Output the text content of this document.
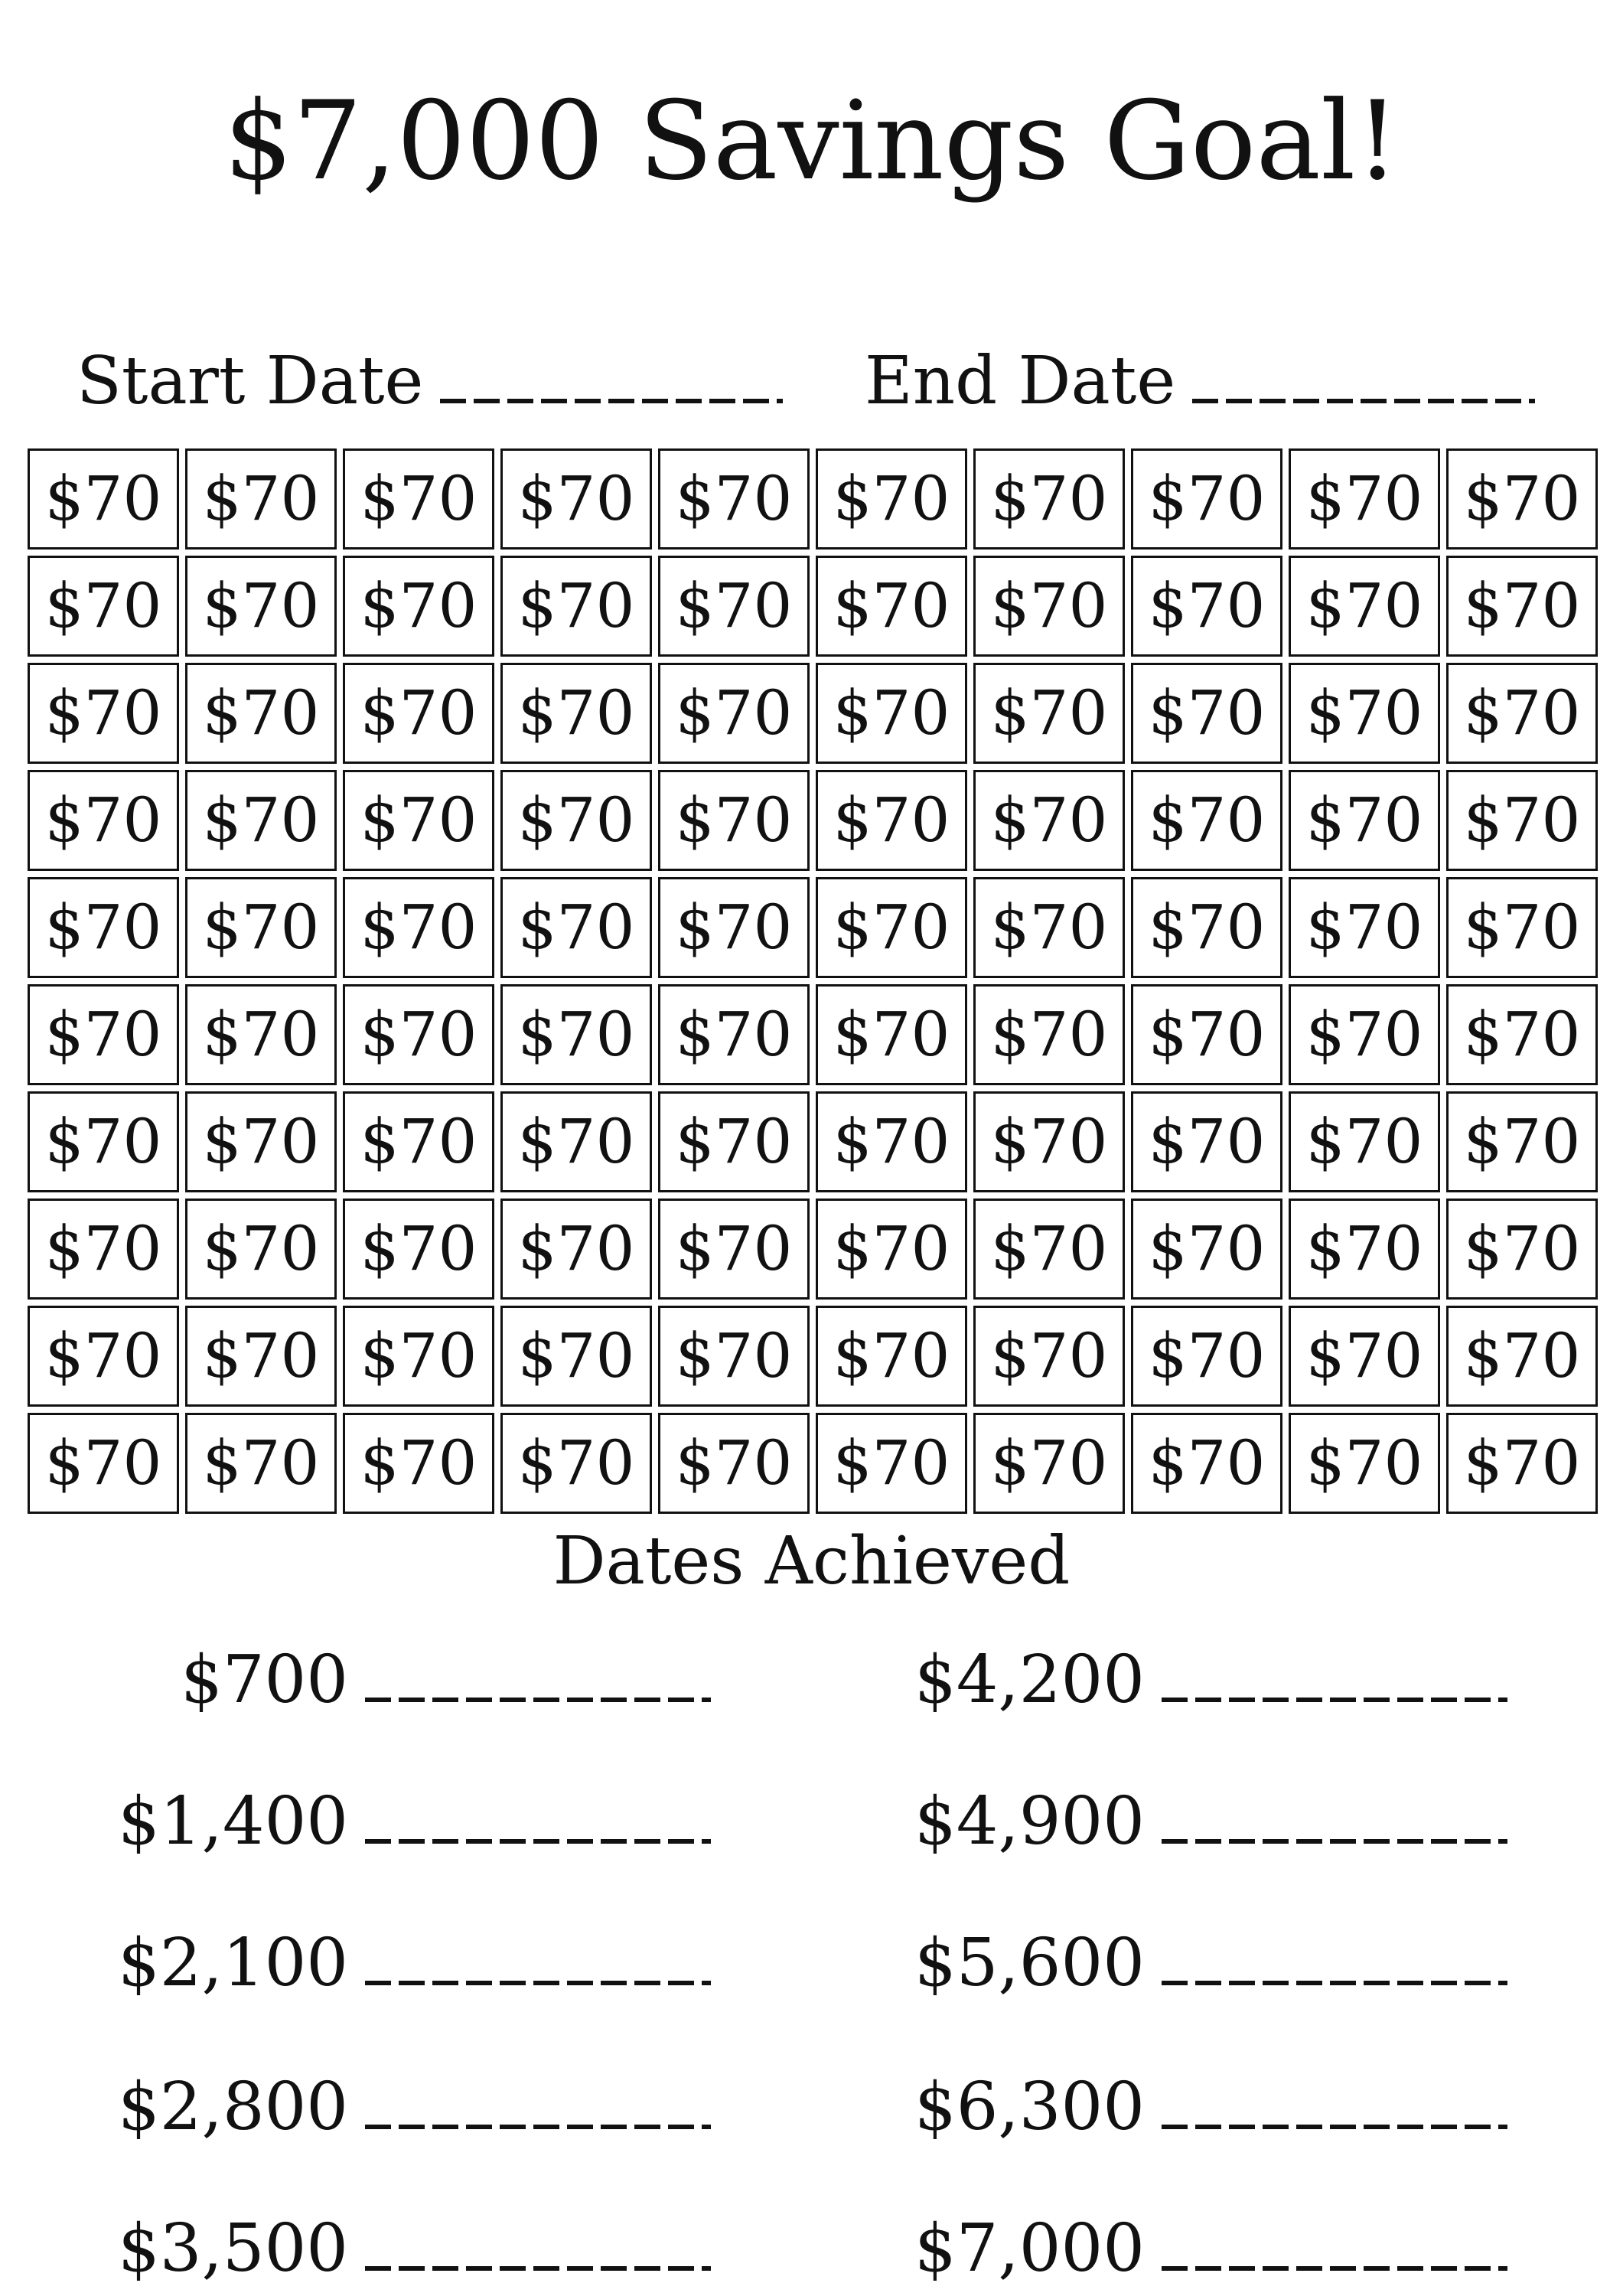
$7,000 Savings Goal!
Start Date	End Date
$70 $70 $70 $70 $70 $70 $70 $70 $70 $70
$70 $70 $70 $70 $70 $70 $70 $70 $70 $70
$70 $70 $70 $70 $70 $70 $70 $70 $70 $70
$70 $70 $70 $70 $70 $70 $70 $70 $70 $70
$70 $70 $70 $70 $70 $70 $70 $70 $70 $70
$70 $70 $70 $70 $70 $70 $70 $70 $70 $70
$70 $70 $70 $70 $70 $70 $70 $70 $70 $70
$70 $70 $70 $70 $70 $70 $70 $70 $70 $70
$70 $70 $70 $70 $70 $70 $70 $70 $70 $70
$70 $70 $70 $70 $70 $70 $70 $70 $70 $70
Dates Achieved
$700
$1,400
$2,100
$2,800
$3,500
$4,200
$4,900
$5,600
$6,300
$7,000
